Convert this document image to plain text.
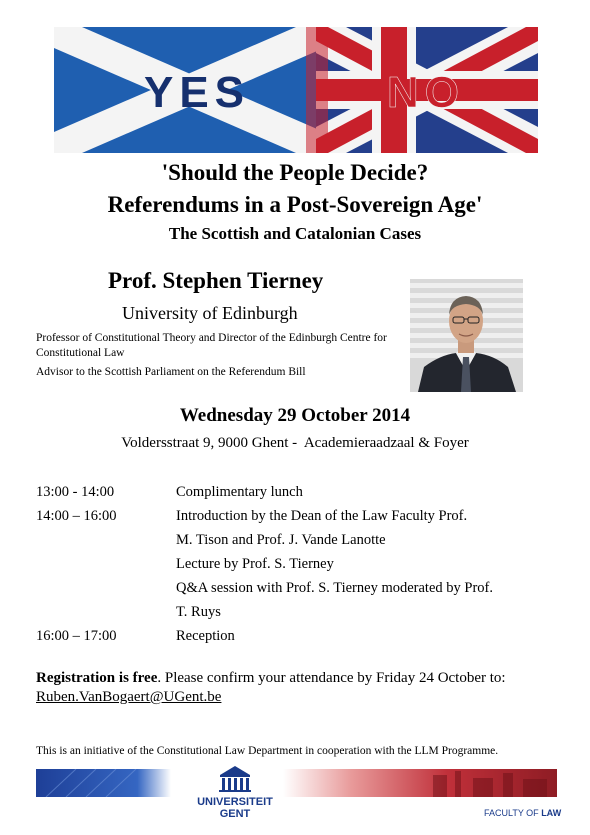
YES	NO
'Should the People Decide?
Referendums in a Post-Sovereign Age'
The Scottish and Catalonian Cases
Prof. Stephen Tierney
University of Edinburgh
Professor of Constitutional Theory and Director of the Edinburgh Centre for Constitutional Law
Advisor to the Scottish Parliament on the Referendum Bill
Wednesday 29 October 2014
Voldersstraat 9, 9000 Ghent -  Academieraadzaal & Foyer
13:00 - 14:00	Complimentary lunch
14:00 – 16:00	Introduction by the Dean of the Law Faculty Prof.
M. Tison and Prof. J. Vande Lanotte
Lecture by Prof. S. Tierney
Q&A session with Prof. S. Tierney moderated by Prof.
T. Ruys
16:00 – 17:00	Reception
Registration is free. Please confirm your attendance by Friday 24 October to:
Ruben.VanBogaert@UGent.be
This is an initiative of the Constitutional Law Department in cooperation with the LLM Programme.
UNIVERSITEIT
GENT	FACULTY OF LAW
